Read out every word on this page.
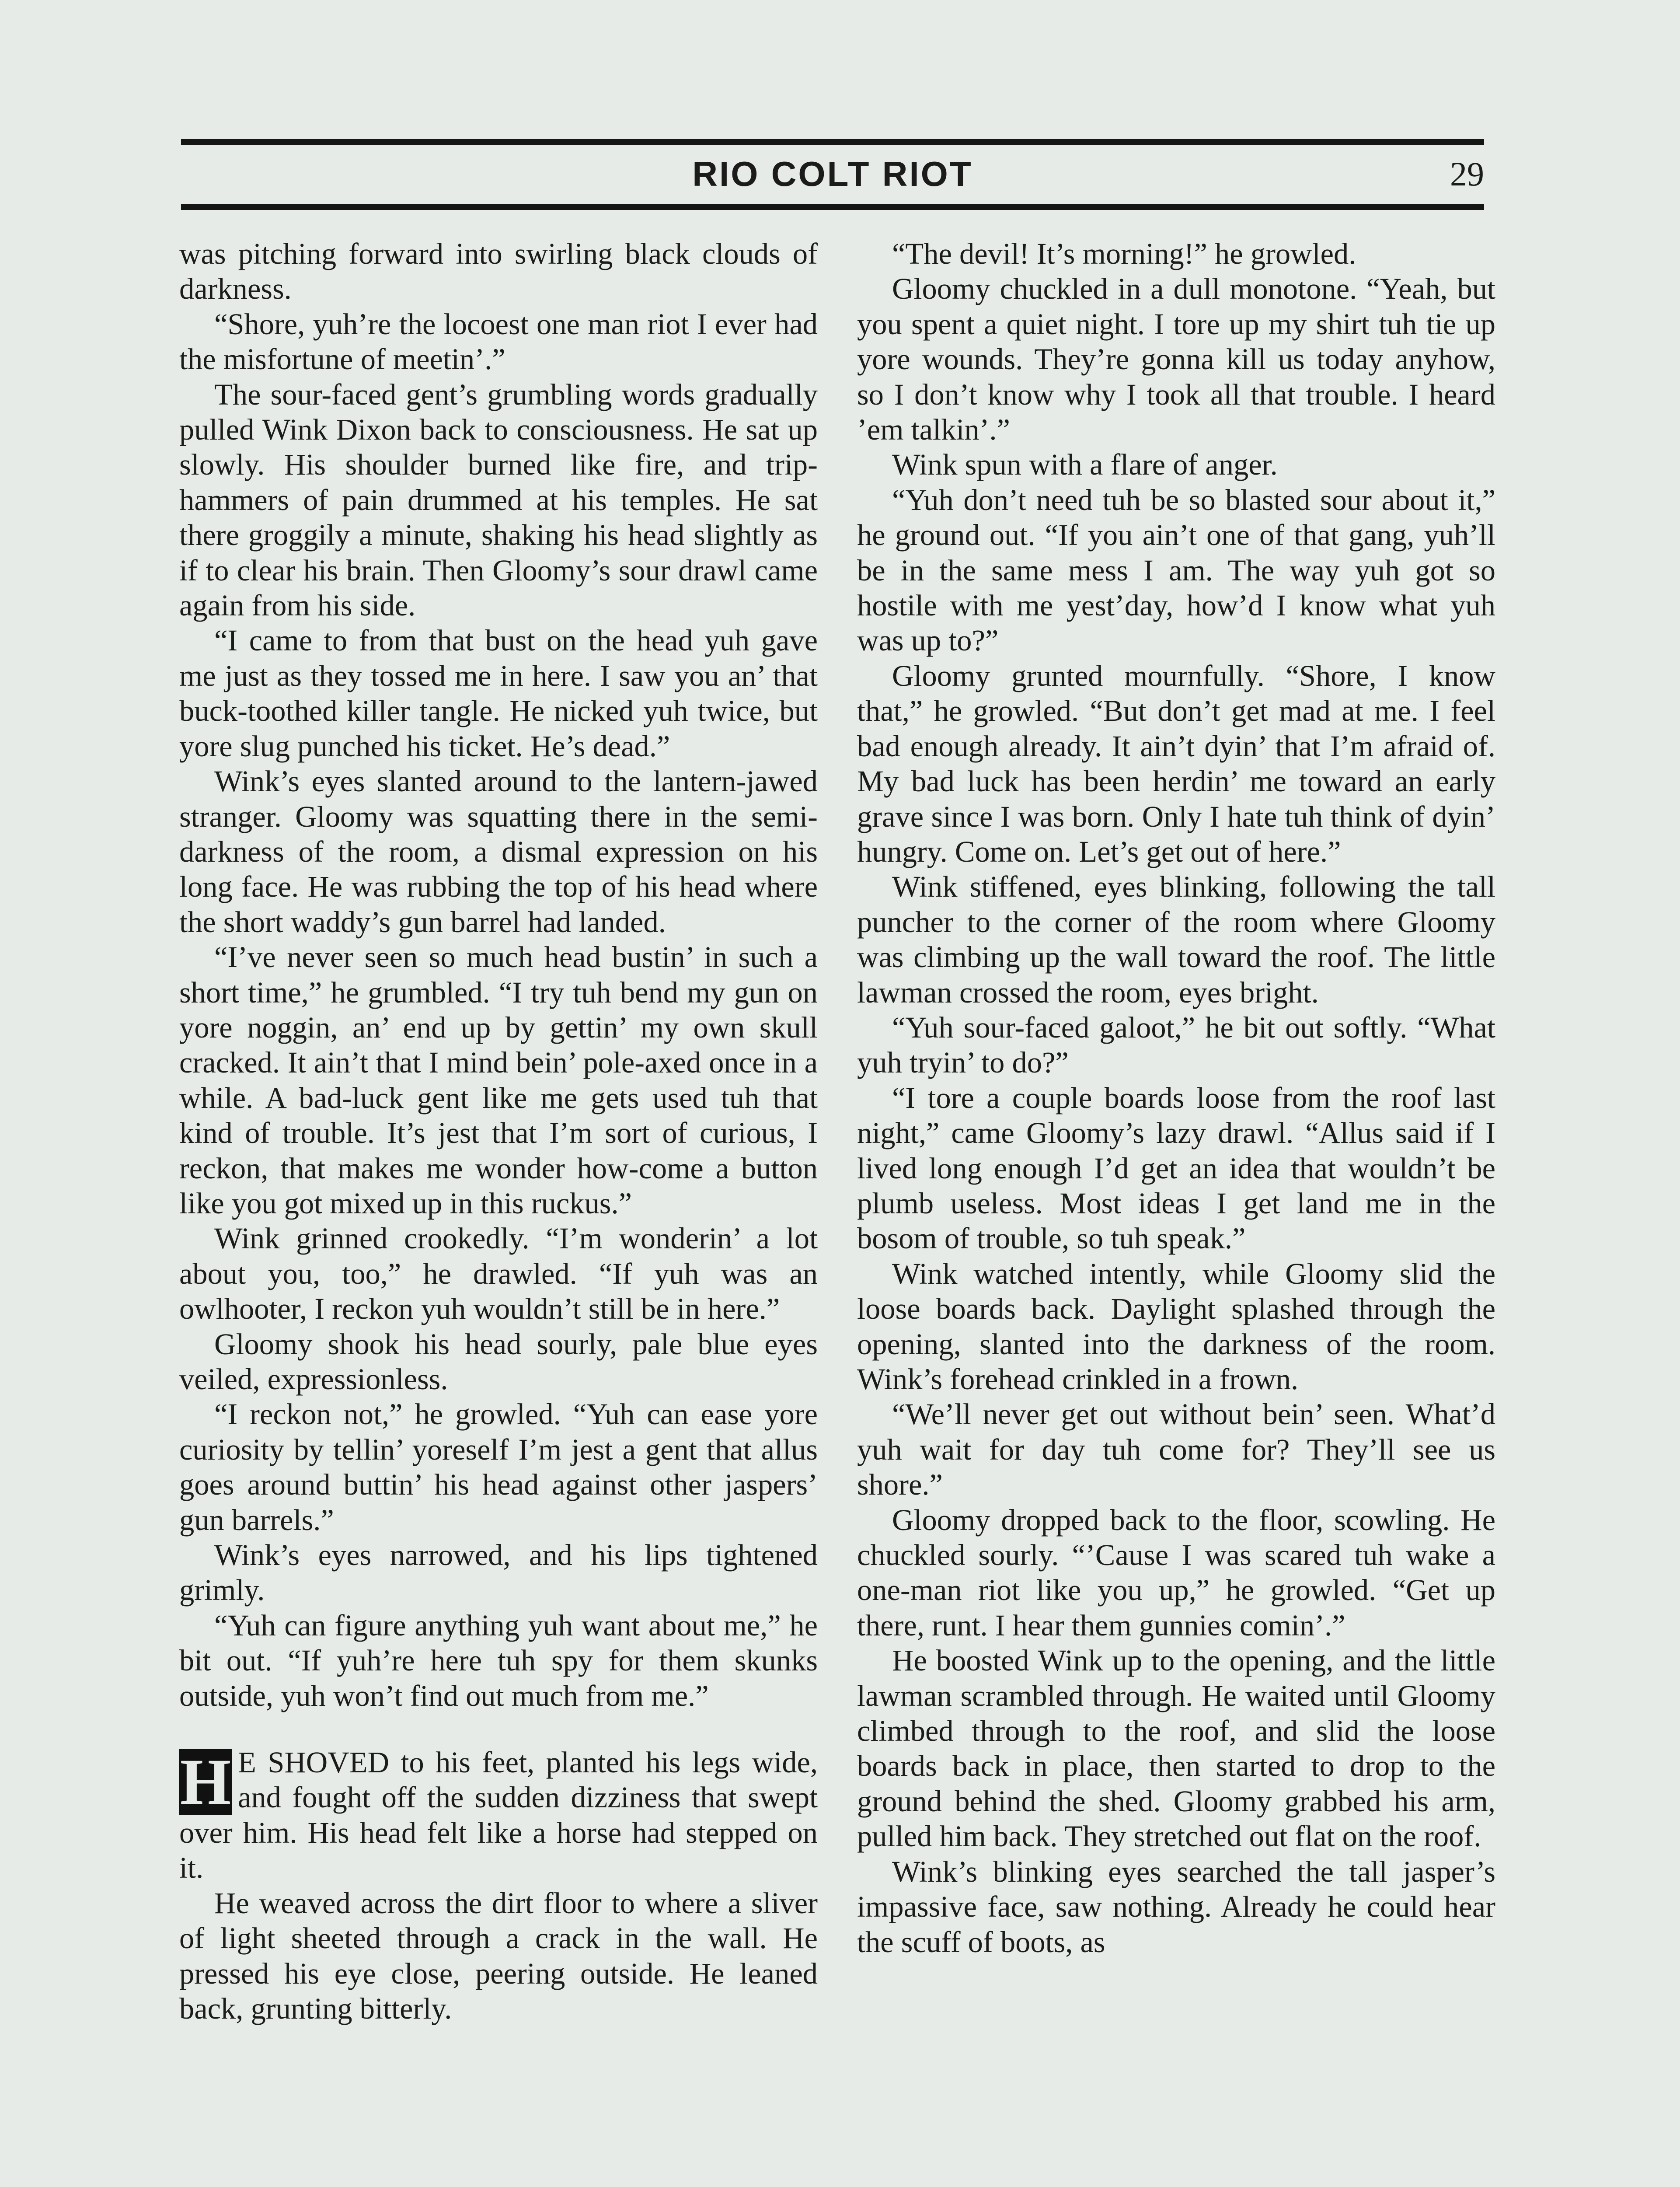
RIO COLT RIOT	29

was pitching forward into swirling black clouds of darkness.

“Shore, yuh’re the locoest one man riot I ever had the misfortune of meetin’.”

The sour-faced gent’s grumbling words gradually pulled Wink Dixon back to consciousness. He sat up slowly. His shoulder burned like fire, and trip-hammers of pain drummed at his temples. He sat there groggily a minute, shaking his head slightly as if to clear his brain. Then Gloomy’s sour drawl came again from his side.

“I came to from that bust on the head yuh gave me just as they tossed me in here. I saw you an’ that buck-toothed killer tangle. He nicked yuh twice, but yore slug punched his ticket. He’s dead.”

Wink’s eyes slanted around to the lantern-jawed stranger. Gloomy was squatting there in the semi-darkness of the room, a dismal expression on his long face. He was rubbing the top of his head where the short waddy’s gun barrel had landed.

“I’ve never seen so much head bustin’ in such a short time,” he grumbled. “I try tuh bend my gun on yore noggin, an’ end up by gettin’ my own skull cracked. It ain’t that I mind bein’ pole-axed once in a while. A bad-luck gent like me gets used tuh that kind of trouble. It’s jest that I’m sort of curious, I reckon, that makes me wonder how-come a button like you got mixed up in this ruckus.”

Wink grinned crookedly. “I’m wonderin’ a lot about you, too,” he drawled. “If yuh was an owlhooter, I reckon yuh wouldn’t still be in here.”

Gloomy shook his head sourly, pale blue eyes veiled, expressionless.

“I reckon not,” he growled. “Yuh can ease yore curiosity by tellin’ yoreself I’m jest a gent that allus goes around buttin’ his head against other jaspers’ gun barrels.”

Wink’s eyes narrowed, and his lips tightened grimly.

“Yuh can figure anything yuh want about me,” he bit out. “If yuh’re here tuh spy for them skunks outside, yuh won’t find out much from me.”

H E SHOVED to his feet, planted his legs wide, and fought off the sudden dizziness that swept over him. His head felt like a horse had stepped on it.

He weaved across the dirt floor to where a sliver of light sheeted through a crack in the wall. He pressed his eye close, peering outside. He leaned back, grunting bitterly.

“The devil! It’s morning!” he growled.

Gloomy chuckled in a dull monotone. “Yeah, but you spent a quiet night. I tore up my shirt tuh tie up yore wounds. They’re gonna kill us today anyhow, so I don’t know why I took all that trouble. I heard ’em talkin’.”

Wink spun with a flare of anger.

“Yuh don’t need tuh be so blasted sour about it,” he ground out. “If you ain’t one of that gang, yuh’ll be in the same mess I am. The way yuh got so hostile with me yest’day, how’d I know what yuh was up to?”

Gloomy grunted mournfully. “Shore, I know that,” he growled. “But don’t get mad at me. I feel bad enough already. It ain’t dyin’ that I’m afraid of. My bad luck has been herdin’ me toward an early grave since I was born. Only I hate tuh think of dyin’ hungry. Come on. Let’s get out of here.”

Wink stiffened, eyes blinking, following the tall puncher to the corner of the room where Gloomy was climbing up the wall toward the roof. The little lawman crossed the room, eyes bright.

“Yuh sour-faced galoot,” he bit out softly. “What yuh tryin’ to do?”

“I tore a couple boards loose from the roof last night,” came Gloomy’s lazy drawl. “Allus said if I lived long enough I’d get an idea that wouldn’t be plumb useless. Most ideas I get land me in the bosom of trouble, so tuh speak.”

Wink watched intently, while Gloomy slid the loose boards back. Daylight splashed through the opening, slanted into the darkness of the room. Wink’s forehead crinkled in a frown.

“We’ll never get out without bein’ seen. What’d yuh wait for day tuh come for? They’ll see us shore.”

Gloomy dropped back to the floor, scowling. He chuckled sourly. “’Cause I was scared tuh wake a one-man riot like you up,” he growled. “Get up there, runt. I hear them gunnies comin’.”

He boosted Wink up to the opening, and the little lawman scrambled through. He waited until Gloomy climbed through to the roof, and slid the loose boards back in place, then started to drop to the ground behind the shed. Gloomy grabbed his arm, pulled him back. They stretched out flat on the roof.

Wink’s blinking eyes searched the tall jasper’s impassive face, saw nothing. Already he could hear the scuff of boots, as
